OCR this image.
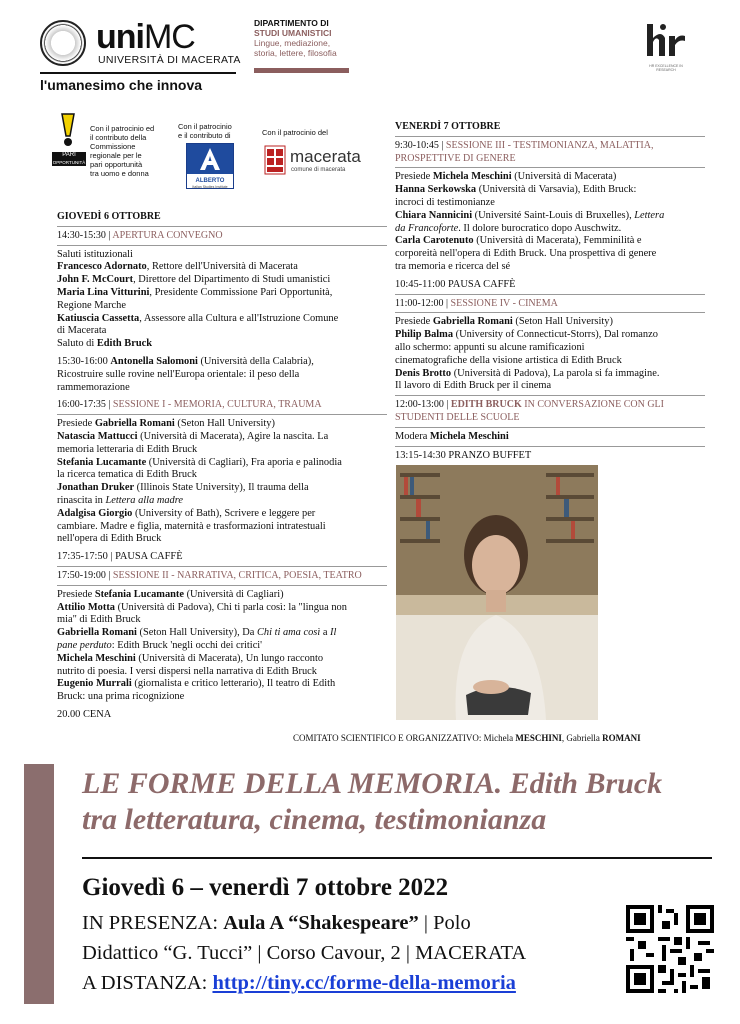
uniMC
UNIVERSITÀ DI MACERATA
l'umanesimo che innova
DIPARTIMENTO DI
STUDI UMANISTICI
Lingue, mediazione,
storia, lettere, filosofia
HR EXCELLENCE IN RESEARCH
PARI
OPPORTUNITÀ
Con il patrocinio ed
il contributo della
Commissione
regionale per le
pari opportunità
tra uomo e donna
Con il patrocinio
e il contributo di
ALBERTO
Italian Studies Institute
Con il patrocinio del
macerata
comune di macerata

GIOVEDÌ 6 OTTOBRE

14:30-15:30 | APERTURA CONVEGNO

Saluti istituzionali

Francesco Adornato, Rettore dell'Università di Macerata

John F. McCourt, Direttore del Dipartimento di Studi umanistici

Maria Lina Vitturini, Presidente Commissione Pari Opportunità,

Regione Marche

Katiuscia Cassetta, Assessore alla Cultura e all'Istruzione Comune

di Macerata

Saluto di Edith Bruck

15:30-16:00 Antonella Salomoni (Università della Calabria),

Ricostruire sulle rovine nell'Europa orientale: il peso della

rammemorazione

16:00-17:35 | SESSIONE I - MEMORIA, CULTURA, TRAUMA

Presiede Gabriella Romani (Seton Hall University)

Natascia Mattucci (Università di Macerata), Agire la nascita. La

memoria letteraria di Edith Bruck

Stefania Lucamante (Università di Cagliari), Fra aporia e palinodia

la ricerca tematica di Edith Bruck

Jonathan Druker (Illinois State University), Il trauma della

rinascita in Lettera alla madre

Adalgisa Giorgio (University of Bath), Scrivere e leggere per

cambiare. Madre e figlia, maternità e trasformazioni intratestuali

nell'opera di Edith Bruck

17:35-17:50 | PAUSA CAFFÈ

17:50-19:00 | SESSIONE II - NARRATIVA, CRITICA, POESIA, TEATRO

Presiede Stefania Lucamante (Università di Cagliari)

Attilio Motta (Università di Padova), Chi ti parla così: la "lingua non

mia" di Edith Bruck

Gabriella Romani (Seton Hall University), Da Chi ti ama così a Il

pane perduto: Edith Bruck 'negli occhi dei critici'

Michela Meschini (Università di Macerata), Un lungo racconto

nutrito di poesia. I versi dispersi nella narrativa di Edith Bruck

Eugenio Murrali (giornalista e critico letterario), Il teatro di Edith

Bruck: una prima ricognizione

20.00 CENA

VENERDÌ 7 OTTOBRE

9:30-10:45 | SESSIONE III - TESTIMONIANZA, MALATTIA,

PROSPETTIVE DI GENERE

Presiede Michela Meschini (Università di Macerata)

Hanna Serkowska (Università di Varsavia), Edith Bruck:

incroci di testimonianze

Chiara Nannicini (Université Saint-Louis di Bruxelles), Lettera

da Francoforte. Il dolore burocratico dopo Auschwitz.

Carla Carotenuto (Università di Macerata), Femminilità e

corporeità nell'opera di Edith Bruck. Una prospettiva di genere

tra memoria e ricerca del sé

10:45-11:00 PAUSA CAFFÈ

11:00-12:00 | SESSIONE IV - CINEMA

Presiede Gabriella Romani (Seton Hall University)

Philip Balma (University of Connecticut-Storrs), Dal romanzo

allo schermo: appunti su alcune ramificazioni

cinematografiche della visione artistica di Edith Bruck

Denis Brotto (Università di Padova), La parola si fa immagine.

Il lavoro di Edith Bruck per il cinema

12:00-13:00 | EDITH BRUCK IN CONVERSAZIONE CON GLI

STUDENTI DELLE SCUOLE

Modera Michela Meschini

13:15-14:30 PRANZO BUFFET

COMITATO SCIENTIFICO E ORGANIZZATIVO: Michela MESCHINI, Gabriella ROMANI
LE FORME DELLA MEMORIA. Edith Bruck
tra letteratura, cinema, testimonianza
Giovedì 6 – venerdì 7 ottobre 2022
IN PRESENZA: Aula A “Shakespeare” | Polo
Didattico “G. Tucci” | Corso Cavour, 2 | MACERATA
A DISTANZA: http://tiny.cc/forme-della-memoria
